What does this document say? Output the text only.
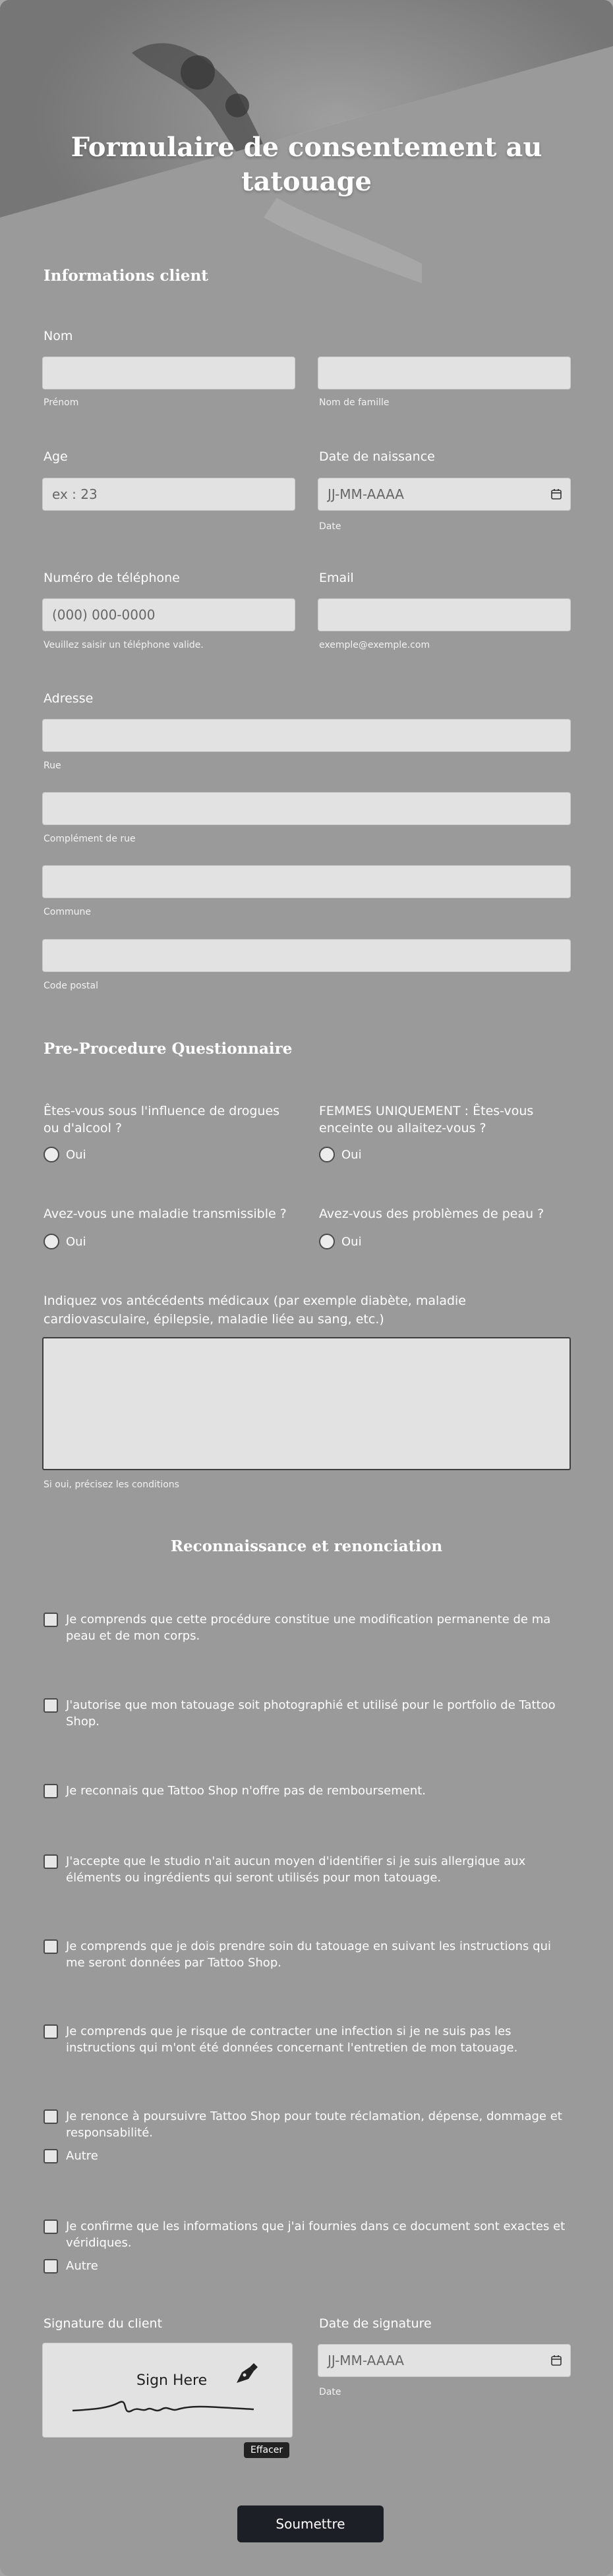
Formulaire de consentement au tatouage
Informations client
Nom
Prénom	Nom de famille
Age
ex : 23
Date de naissance
JJ-MM-AAAA
Date
Numéro de téléphone
(000) 000-0000
Veuillez saisir un téléphone valide.
Email
exemple@exemple.com
Adresse
Rue
Complément de rue
Commune
Code postal
Pre-Procedure Questionnaire
Êtes-vous sous l'influence de drogues ou d'alcool ?
Oui
FEMMES UNIQUEMENT : Êtes-vous enceinte ou allaitez-vous ?
Oui
Avez-vous une maladie transmissible ?
Oui
Avez-vous des problèmes de peau ?
Oui
Indiquez vos antécédents médicaux (par exemple diabète, maladie cardiovasculaire, épilepsie, maladie liée au sang, etc.)
Si oui, précisez les conditions
Reconnaissance et renonciation
Je comprends que cette procédure constitue une modification permanente de ma peau et de mon corps.
J'autorise que mon tatouage soit photographié et utilisé pour le portfolio de Tattoo Shop.
Je reconnais que Tattoo Shop n'offre pas de remboursement.
J'accepte que le studio n'ait aucun moyen d'identifier si je suis allergique aux éléments ou ingrédients qui seront utilisés pour mon tatouage.
Je comprends que je dois prendre soin du tatouage en suivant les instructions qui me seront données par Tattoo Shop.
Je comprends que je risque de contracter une infection si je ne suis pas les instructions qui m'ont été données concernant l'entretien de mon tatouage.
Je renonce à poursuivre Tattoo Shop pour toute réclamation, dépense, dommage et responsabilité.
Autre
Je confirme que les informations que j'ai fournies dans ce document sont exactes et véridiques.
Autre
Signature du client
Sign Here
Effacer
Date de signature
JJ-MM-AAAA
Date
Soumettre
